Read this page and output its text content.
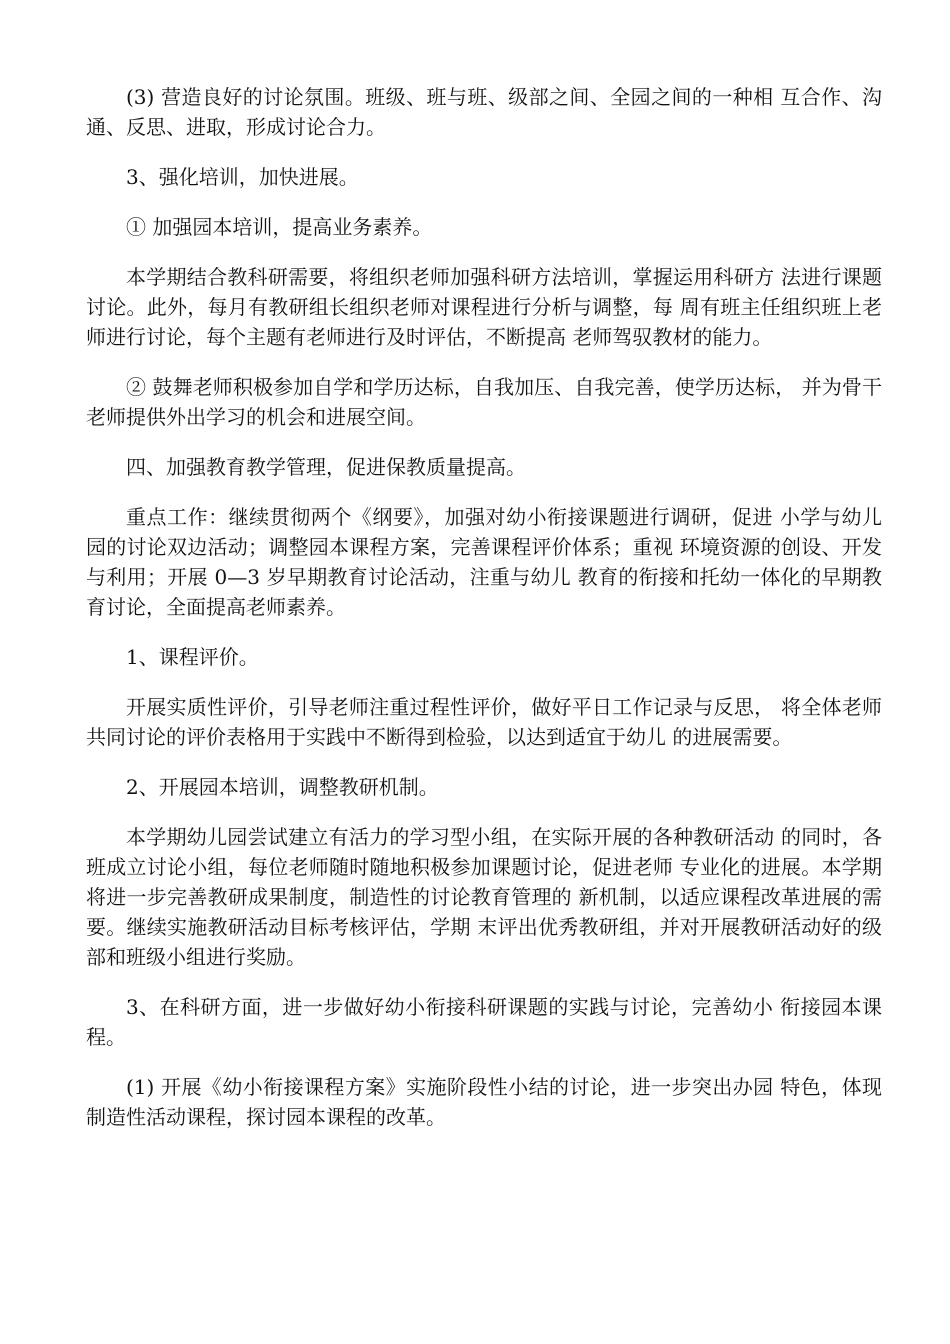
(3) 营造良好的讨论氛围。班级、班与班、级部之间、全园之间的一种相 互合作、沟通、反思、进取，形成讨论合力。

3、强化培训，加快进展。

① 加强园本培训，提高业务素养。

本学期结合教科研需要，将组织老师加强科研方法培训，掌握运用科研方 法进行课题讨论。此外，每月有教研组长组织老师对课程进行分析与调整，每 周有班主任组织班上老师进行讨论，每个主题有老师进行及时评估，不断提高 老师驾驭教材的能力。

② 鼓舞老师积极参加自学和学历达标，自我加压、自我完善，使学历达标， 并为骨干老师提供外出学习的机会和进展空间。

四、加强教育教学管理，促进保教质量提高。

重点工作：继续贯彻两个《纲要》，加强对幼小衔接课题进行调研，促进 小学与幼儿园的讨论双边活动；调整园本课程方案，完善课程评价体系；重视 环境资源的创设、开发与利用；开展 0—3 岁早期教育讨论活动，注重与幼儿 教育的衔接和托幼一体化的早期教育讨论，全面提高老师素养。

1、课程评价。

开展实质性评价，引导老师注重过程性评价，做好平日工作记录与反思， 将全体老师共同讨论的评价表格用于实践中不断得到检验，以达到适宜于幼儿 的进展需要。

2、开展园本培训，调整教研机制。

本学期幼儿园尝试建立有活力的学习型小组，在实际开展的各种教研活动 的同时，各班成立讨论小组，每位老师随时随地积极参加课题讨论，促进老师 专业化的进展。本学期将进一步完善教研成果制度，制造性的讨论教育管理的 新机制，以适应课程改革进展的需要。继续实施教研活动目标考核评估，学期 末评出优秀教研组，并对开展教研活动好的级部和班级小组进行奖励。

3、在科研方面，进一步做好幼小衔接科研课题的实践与讨论，完善幼小 衔接园本课程。

(1) 开展《幼小衔接课程方案》实施阶段性小结的讨论，进一步突出办园 特色，体现制造性活动课程，探讨园本课程的改革。
